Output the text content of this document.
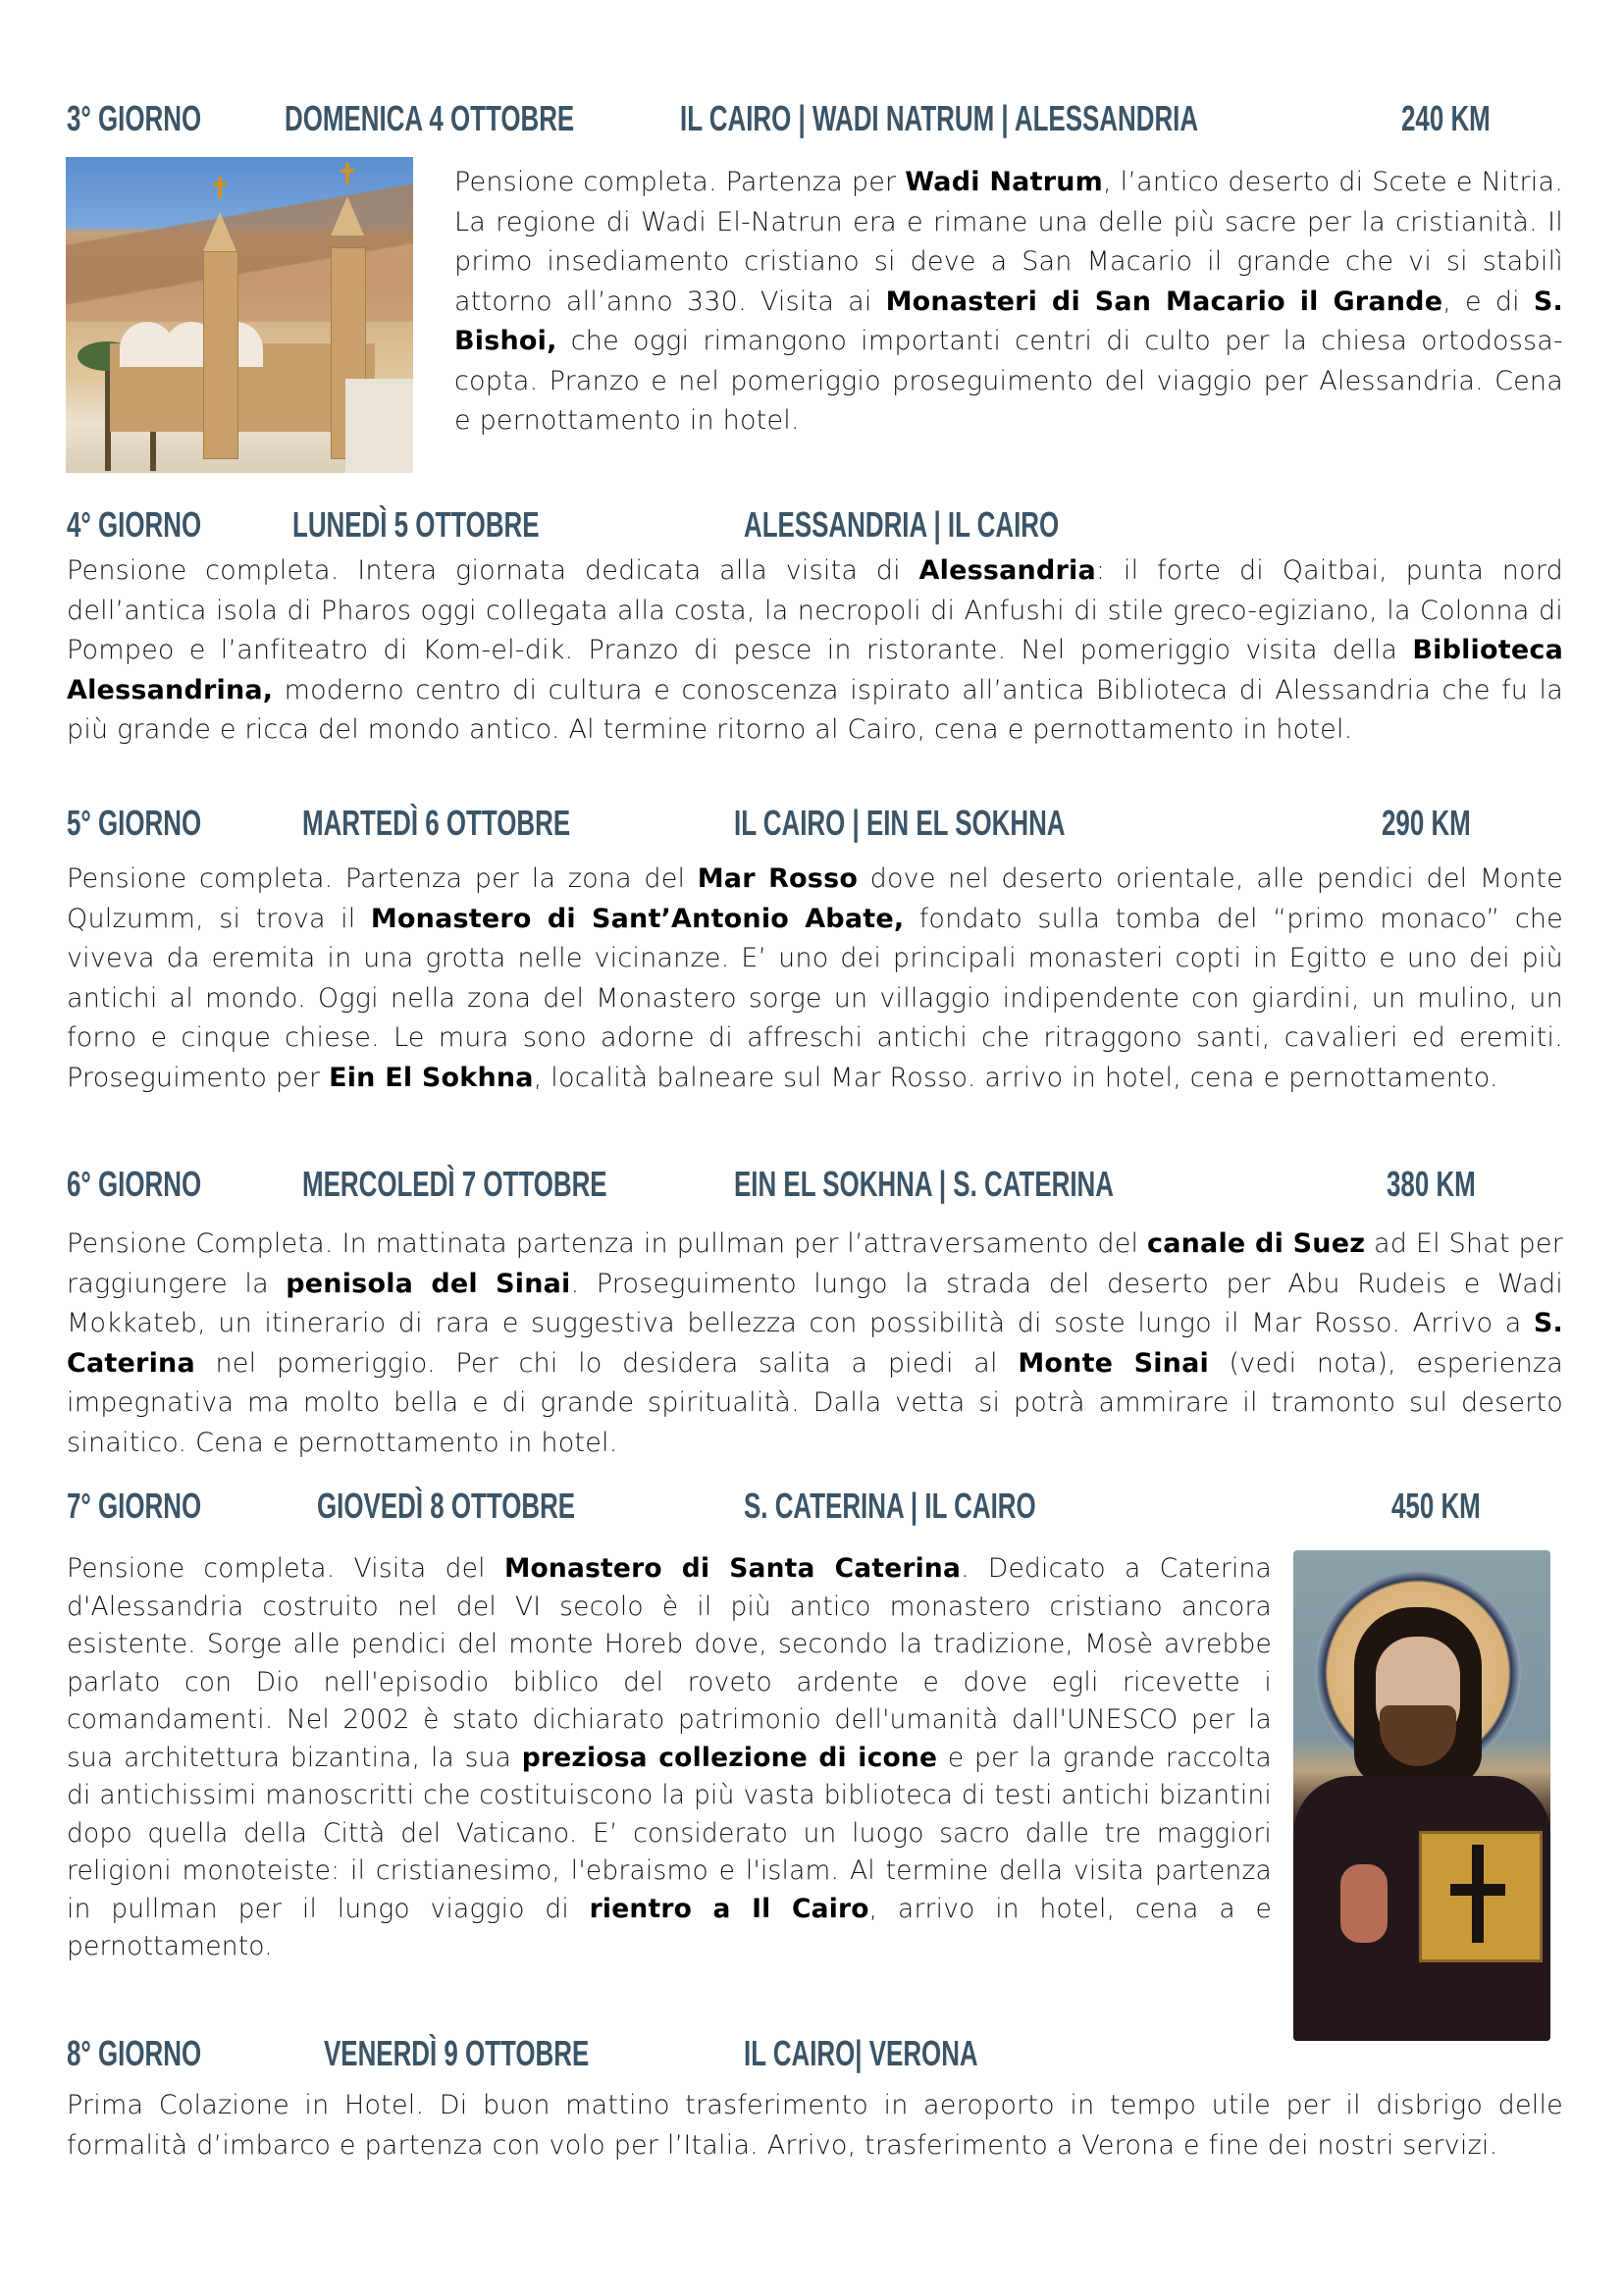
3° GIORNO DOMENICA 4 OTTOBRE	IL CAIRO | WADI NATRUM | ALESSANDRIA	240 KM
Pensione completa. Partenza per Wadi Natrum, l’antico deserto di Scete e Nitria. La regione di Wadi El-Natrun era e rimane una delle più sacre per la cristianità. Il primo insediamento cristiano si deve a San Macario il grande che vi si stabilì attorno all’anno 330. Visita ai Monasteri di San Macario il Grande, e di S. Bishoi, che oggi rimangono importanti centri di culto per la chiesa ortodossa-copta. Pranzo e nel pomeriggio proseguimento del viaggio per Alessandria. Cena e pernottamento in hotel.
4° GIORNO	LUNEDÌ 5 OTTOBRE	ALESSANDRIA | IL CAIRO
Pensione completa. Intera giornata dedicata alla visita di Alessandria: il forte di Qaitbai, punta nord dell’antica isola di Pharos oggi collegata alla costa, la necropoli di Anfushi di stile greco-egiziano, la Colonna di Pompeo e l’anfiteatro di Kom-el-dik. Pranzo di pesce in ristorante. Nel pomeriggio visita della Biblioteca Alessandrina, moderno centro di cultura e conoscenza ispirato all’antica Biblioteca di Alessandria che fu la più grande e ricca del mondo antico. Al termine ritorno al Cairo, cena e pernottamento in hotel.
5° GIORNO	MARTEDÌ 6 OTTOBRE	IL CAIRO | EIN EL SOKHNA	290 KM
Pensione completa. Partenza per la zona del Mar Rosso dove nel deserto orientale, alle pendici del Monte Qulzumm, si trova il Monastero di Sant’Antonio Abate, fondato sulla tomba del “primo monaco” che viveva da eremita in una grotta nelle vicinanze. E’ uno dei principali monasteri copti in Egitto e uno dei più antichi al mondo. Oggi nella zona del Monastero sorge un villaggio indipendente con giardini, un mulino, un forno e cinque chiese. Le mura sono adorne di affreschi antichi che ritraggono santi, cavalieri ed eremiti. Proseguimento per Ein El Sokhna, località balneare sul Mar Rosso. arrivo in hotel, cena e pernottamento.
6° GIORNO	MERCOLEDÌ 7 OTTOBRE	EIN EL SOKHNA | S. CATERINA	380 KM
Pensione Completa. In mattinata partenza in pullman per l’attraversamento del canale di Suez ad El Shat per raggiungere la penisola del Sinai. Proseguimento lungo la strada del deserto per Abu Rudeis e Wadi Mokkateb, un itinerario di rara e suggestiva bellezza con possibilità di soste lungo il Mar Rosso. Arrivo a S. Caterina nel pomeriggio. Per chi lo desidera salita a piedi al Monte Sinai (vedi nota), esperienza impegnativa ma molto bella e di grande spiritualità. Dalla vetta si potrà ammirare il tramonto sul deserto sinaitico. Cena e pernottamento in hotel.
7° GIORNO	GIOVEDÌ 8 OTTOBRE	S. CATERINA | IL CAIRO	450 KM
Pensione completa. Visita del Monastero di Santa Caterina. Dedicato a Caterina d'Alessandria costruito nel del VI secolo è il più antico monastero cristiano ancora esistente. Sorge alle pendici del monte Horeb dove, secondo la tradizione, Mosè avrebbe parlato con Dio nell'episodio biblico del roveto ardente e dove egli ricevette i comandamenti. Nel 2002 è stato dichiarato patrimonio dell'umanità dall'UNESCO per la sua architettura bizantina, la sua preziosa collezione di icone e per la grande raccolta di antichissimi manoscritti che costituiscono la più vasta biblioteca di testi antichi bizantini dopo quella della Città del Vaticano. E’ considerato un luogo sacro dalle tre maggiori religioni monoteiste: il cristianesimo, l'ebraismo e l'islam. Al termine della visita partenza in pullman per il lungo viaggio di rientro a Il Cairo, arrivo in hotel, cena a e pernottamento.
8° GIORNO	VENERDÌ 9 OTTOBRE	IL CAIRO| VERONA
Prima Colazione in Hotel. Di buon mattino trasferimento in aeroporto in tempo utile per il disbrigo delle formalità d’imbarco e partenza con volo per l’Italia. Arrivo, trasferimento a Verona e fine dei nostri servizi.
